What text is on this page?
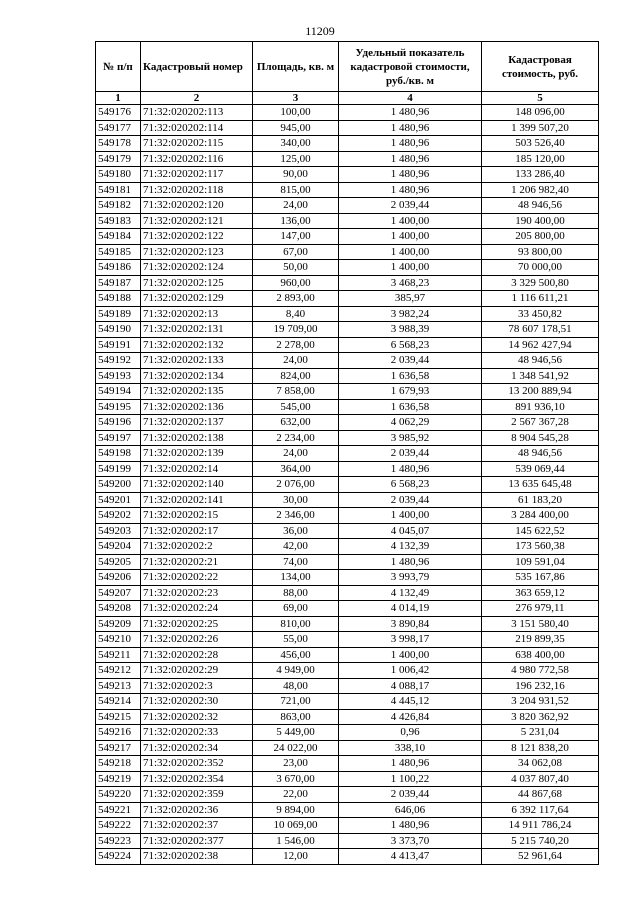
11209
№ п/п	Кадастровый номер	Площадь, кв. м	Удельный показатель кадастровой стоимости, руб./кв. м	Кадастровая стоимость, руб.
1	2	3	4	5
549176	71:32:020202:113	100,00	1 480,96	148 096,00
549177	71:32:020202:114	945,00	1 480,96	1 399 507,20
549178	71:32:020202:115	340,00	1 480,96	503 526,40
549179	71:32:020202:116	125,00	1 480,96	185 120,00
549180	71:32:020202:117	90,00	1 480,96	133 286,40
549181	71:32:020202:118	815,00	1 480,96	1 206 982,40
549182	71:32:020202:120	24,00	2 039,44	48 946,56
549183	71:32:020202:121	136,00	1 400,00	190 400,00
549184	71:32:020202:122	147,00	1 400,00	205 800,00
549185	71:32:020202:123	67,00	1 400,00	93 800,00
549186	71:32:020202:124	50,00	1 400,00	70 000,00
549187	71:32:020202:125	960,00	3 468,23	3 329 500,80
549188	71:32:020202:129	2 893,00	385,97	1 116 611,21
549189	71:32:020202:13	8,40	3 982,24	33 450,82
549190	71:32:020202:131	19 709,00	3 988,39	78 607 178,51
549191	71:32:020202:132	2 278,00	6 568,23	14 962 427,94
549192	71:32:020202:133	24,00	2 039,44	48 946,56
549193	71:32:020202:134	824,00	1 636,58	1 348 541,92
549194	71:32:020202:135	7 858,00	1 679,93	13 200 889,94
549195	71:32:020202:136	545,00	1 636,58	891 936,10
549196	71:32:020202:137	632,00	4 062,29	2 567 367,28
549197	71:32:020202:138	2 234,00	3 985,92	8 904 545,28
549198	71:32:020202:139	24,00	2 039,44	48 946,56
549199	71:32:020202:14	364,00	1 480,96	539 069,44
549200	71:32:020202:140	2 076,00	6 568,23	13 635 645,48
549201	71:32:020202:141	30,00	2 039,44	61 183,20
549202	71:32:020202:15	2 346,00	1 400,00	3 284 400,00
549203	71:32:020202:17	36,00	4 045,07	145 622,52
549204	71:32:020202:2	42,00	4 132,39	173 560,38
549205	71:32:020202:21	74,00	1 480,96	109 591,04
549206	71:32:020202:22	134,00	3 993,79	535 167,86
549207	71:32:020202:23	88,00	4 132,49	363 659,12
549208	71:32:020202:24	69,00	4 014,19	276 979,11
549209	71:32:020202:25	810,00	3 890,84	3 151 580,40
549210	71:32:020202:26	55,00	3 998,17	219 899,35
549211	71:32:020202:28	456,00	1 400,00	638 400,00
549212	71:32:020202:29	4 949,00	1 006,42	4 980 772,58
549213	71:32:020202:3	48,00	4 088,17	196 232,16
549214	71:32:020202:30	721,00	4 445,12	3 204 931,52
549215	71:32:020202:32	863,00	4 426,84	3 820 362,92
549216	71:32:020202:33	5 449,00	0,96	5 231,04
549217	71:32:020202:34	24 022,00	338,10	8 121 838,20
549218	71:32:020202:352	23,00	1 480,96	34 062,08
549219	71:32:020202:354	3 670,00	1 100,22	4 037 807,40
549220	71:32:020202:359	22,00	2 039,44	44 867,68
549221	71:32:020202:36	9 894,00	646,06	6 392 117,64
549222	71:32:020202:37	10 069,00	1 480,96	14 911 786,24
549223	71:32:020202:377	1 546,00	3 373,70	5 215 740,20
549224	71:32:020202:38	12,00	4 413,47	52 961,64
